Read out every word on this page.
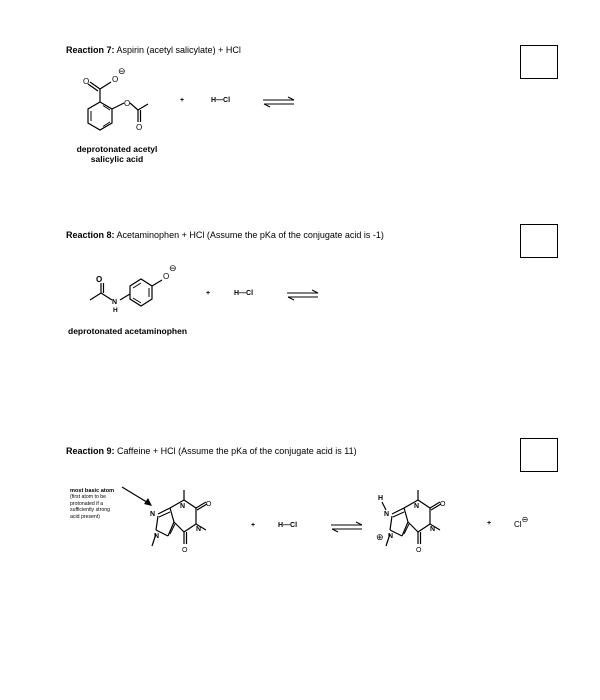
Reaction 7: Aspirin (acetyl salicylate) + HCl
O	O
⊖
O
O
deprotonated acetyl
salicylic acid
+	H—Cl
Reaction 8: Acetaminophen + HCl (Assume the pKa of the conjugate acid is -1)
O
N
H
O
⊖
deprotonated acetaminophen
+	H—Cl
Reaction 9: Caffeine + HCl (Assume the pKa of the conjugate acid is 11)
most basic atom
(first atom to be
protonated if a
sufficiently strong
acid present)	N
N
N
N
O
O
+	H—Cl
H
N
N
⊕
N
N
O
O
+	Cl⊖
